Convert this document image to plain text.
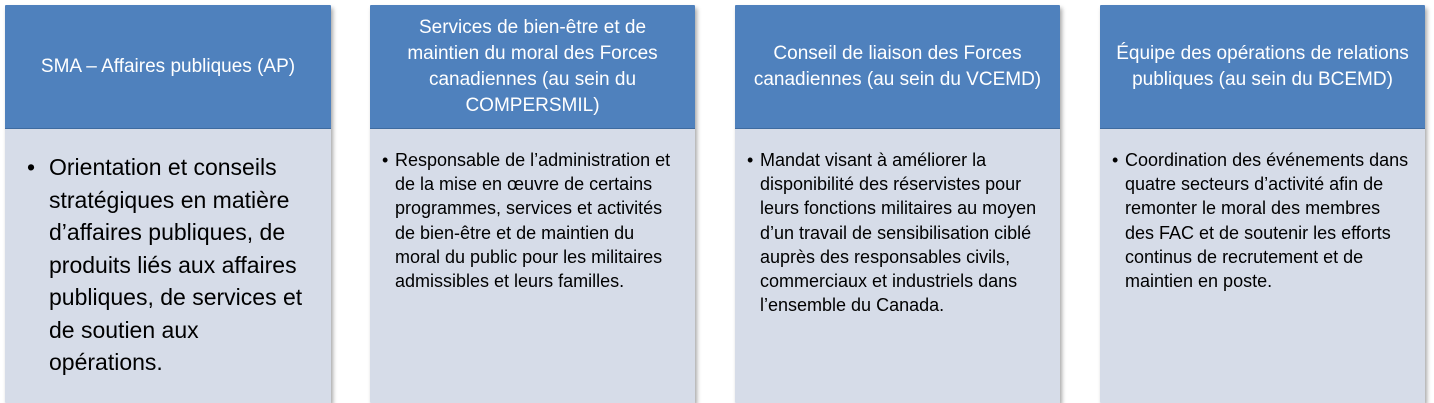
SMA – Affaires publiques (AP)
• Orientation et conseils stratégiques en matière d’affaires publiques, de produits liés aux affaires publiques, de services et de soutien aux opérations.
Services de bien-être et de maintien du moral des Forces canadiennes (au sein du COMPERSMIL)
• Responsable de l’administration et de la mise en œuvre de certains programmes, services et activités de bien-être et de maintien du moral du public pour les militaires admissibles et leurs familles.
Conseil de liaison des Forces canadiennes (au sein du VCEMD)
• Mandat visant à améliorer la disponibilité des réservistes pour leurs fonctions militaires au moyen d’un travail de sensibilisation ciblé auprès des responsables civils, commerciaux et industriels dans l’ensemble du Canada.
Équipe des opérations de relations publiques (au sein du BCEMD)
• Coordination des événements dans quatre secteurs d’activité afin de remonter le moral des membres des FAC et de soutenir les efforts continus de recrutement et de maintien en poste.
